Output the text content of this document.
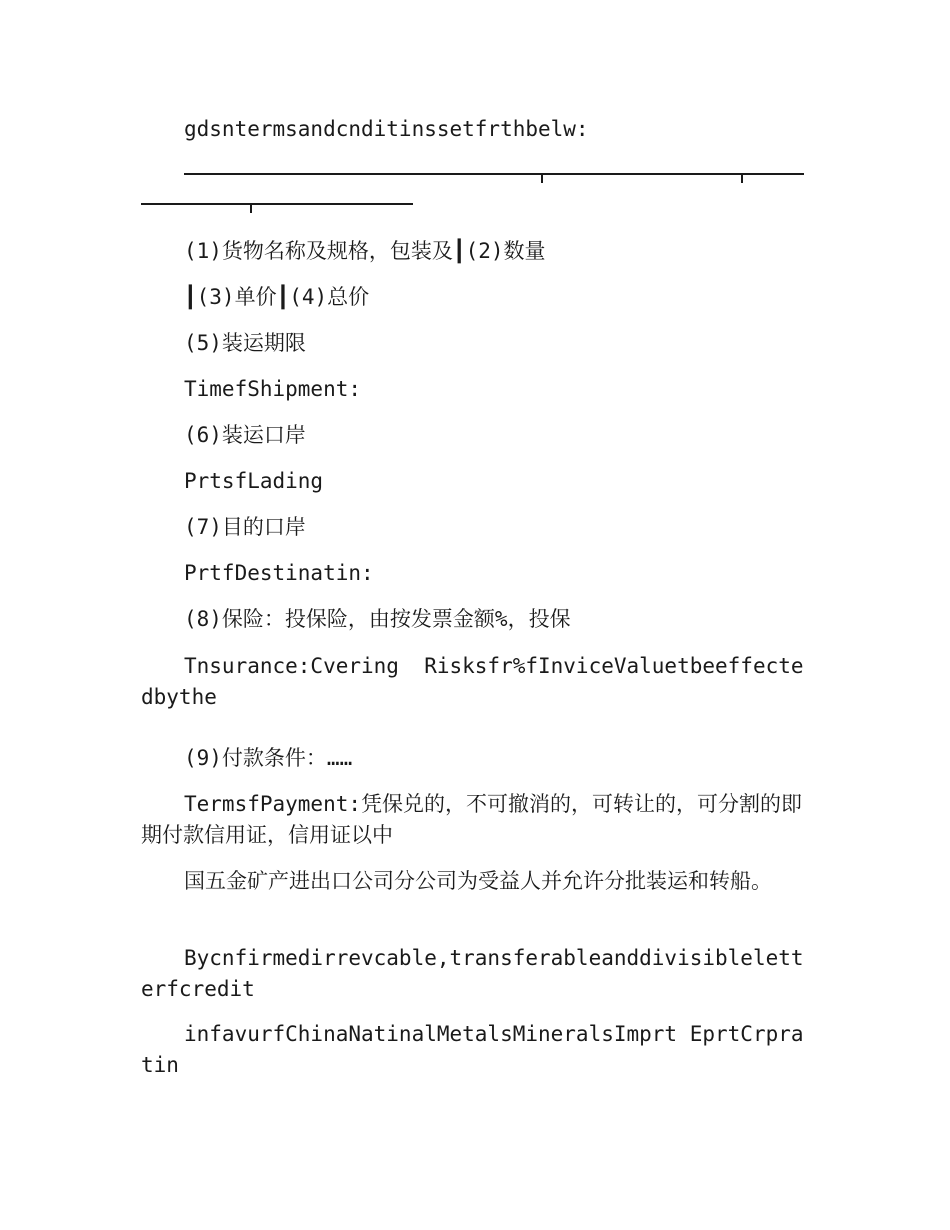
gdsntermsandcnditinssetfrthbelw:

(1)货物名称及规格，包装及┃(2)数量

┃(3)单价┃(4)总价

(5)装运期限

TimefShipment:

(6)装运口岸

PrtsfLading

(7)目的口岸

PrtfDestinatin:

(8)保险：投保险，由按发票金额%，投保

Tnsurance:Cvering  Risksfr%fInviceValuetbeeffectedbythe

(9)付款条件：……

TermsfPayment:凭保兑的，不可撤消的，可转让的，可分割的即期付款信用证，信用证以中

国五金矿产进出口公司分公司为受益人并允许分批装运和转船。

Bycnfirmedirrevcable,transferableanddivisibleletterfcredit

infavurfChinaNatinalMetalsMineralsImprt EprtCrpratin
